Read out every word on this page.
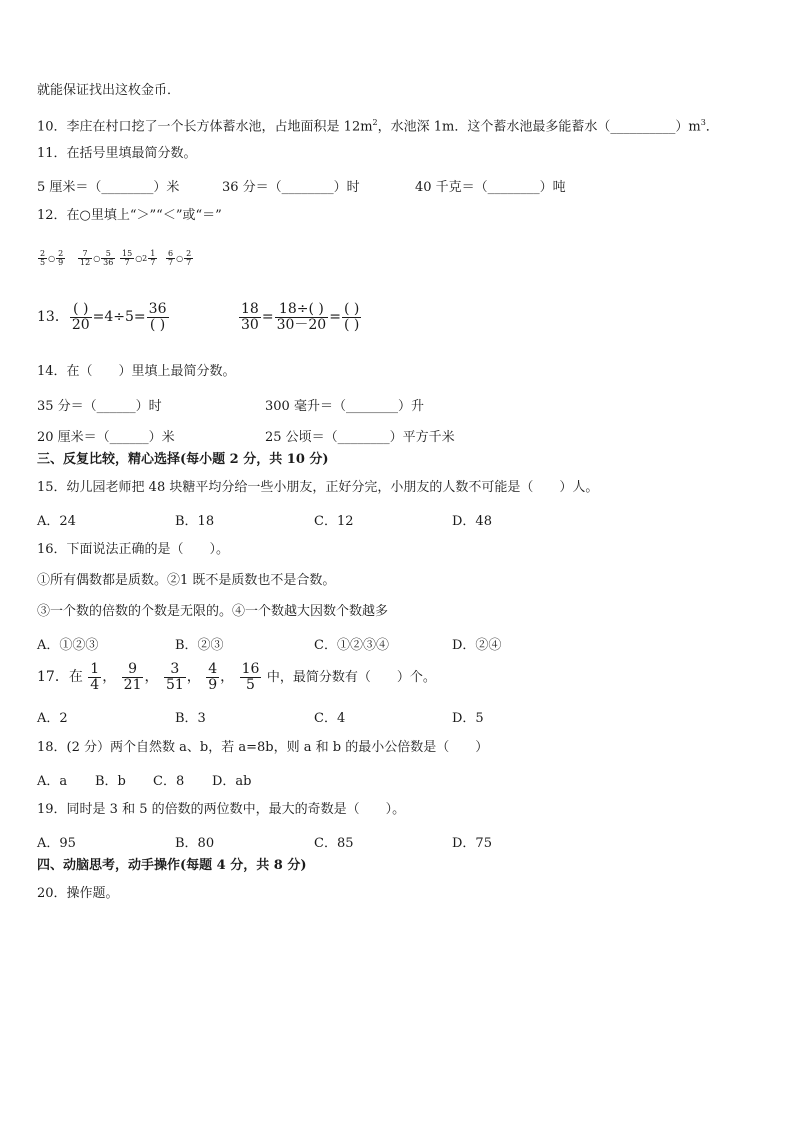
就能保证找出这枚金币．
10．李庄在村口挖了一个长方体蓄水池，占地面积是 $12m^2$，水池深 1m．这个蓄水池最多能蓄水$(\_\_\_\_\_\_\_\_\_\_)m^3$．
11．在括号里填最简分数。
5 厘米＝（________）米	36 分＝（________）时	40 千克＝（________）吨
12．在○里填上“＞”“＜”或“＝”
$\frac{2}{5}$ ○ $\frac{2}{9} \frac{7}{12}$ ○ $\frac{5}{36} \frac{15}{7}$ ○2 $\frac{1}{7} \frac{6}{7}$ ○ $\frac{2}{7}$
13． $\frac{( )}{20} =4\div 5= \frac{36}{( )}$	$\frac{18}{30} = \frac{18\div( )}{30-20} = \frac{( )}{( )}$
14．在（　　）里填上最简分数。
35 分＝（______）时	300 毫升＝（________）升
20 厘米＝（______）米	25 公顷＝（________）平方千米
三、反复比较，精心选择(每小题 2 分，共 10 分)
15．幼儿园老师把 48 块糖平均分给一些小朋友，正好分完，小朋友的人数不可能是（　　）人。
A．24	B．18	C．12	D．48
16．下面说法正确的是（　　）。
①所有偶数都是质数。②1 既不是质数也不是合数。
③一个数的倍数的个数是无限的。④一个数越大因数个数越多
A．①②③	B．②③	C．①②③④	D．②④
17．在 $\frac{1}{4}$ ， $\frac{9}{21}$ ， $\frac{3}{51}$ ， $\frac{4}{9}$ ， $\frac{16}{5}$ 中，最简分数有（　　）个。
A．2	B．3	C．4	D．5
18．(2 分）两个自然数 a、b，若 a=8b，则 a 和 b 的最小公倍数是（　　）
A．a B．b C．8 D．ab
19．同时是 3 和 5 的倍数的两位数中，最大的奇数是（　　）。
A．95	B．80	C．85	D．75
四、动脑思考，动手操作(每题 4 分，共 8 分)
20．操作题。
